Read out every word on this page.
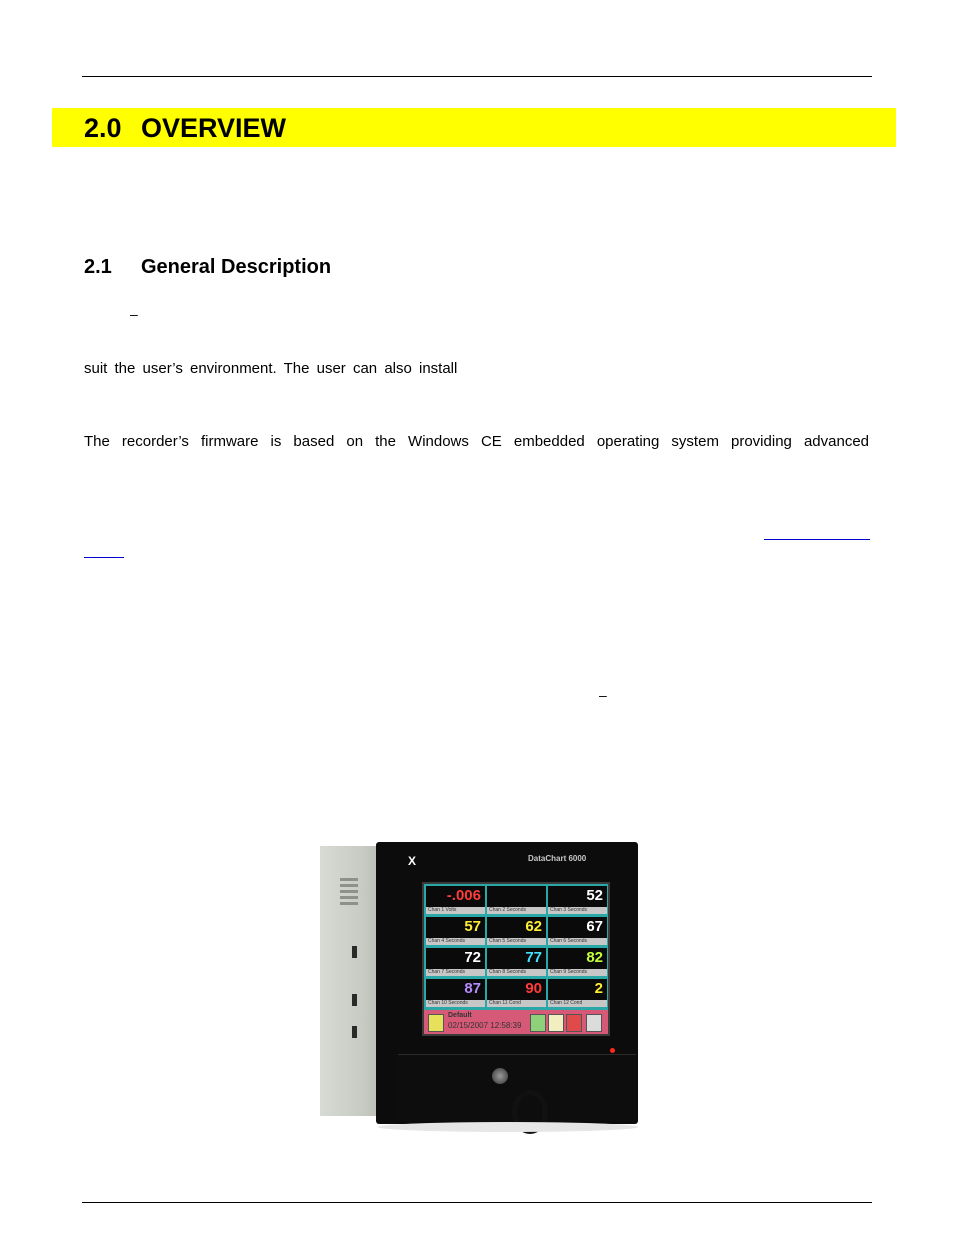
2.0 OVERVIEW
2.1 General Description
–
suit the user’s environment. The user can also install
The recorder’s firmware is based on the Windows CE embedded operating system providing advanced
–
X	DataChart 6000
-.006
Chan 1 Volts	Chan 2 Seconds
52
Chan 3 Seconds
57
Chan 4 Seconds
62
Chan 5 Seconds
67
Chan 6 Seconds
72
Chan 7 Seconds
77
Chan 8 Seconds
82
Chan 9 Seconds
87
Chan 10 Seconds
90
Chan 11 Cond
2
Chan 12 Cond
Default
02/15/2007 12:58:39
